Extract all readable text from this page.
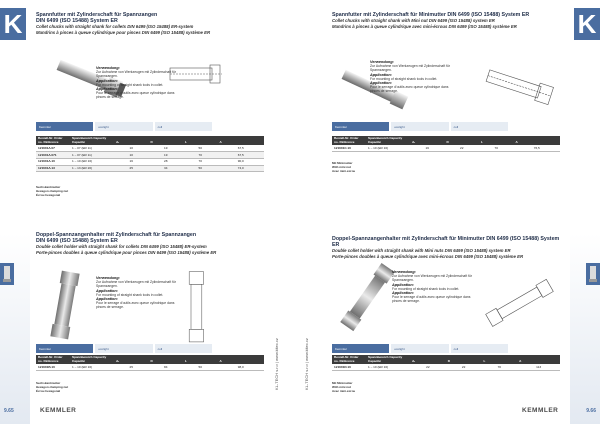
K	Spannfutter mit Zylinderschaft für Spannzangen
DIN 6499 (ISO 15488) System ER
Collet chucks with straight shank for collets DIN 6499 (ISO 15488) ER-system
Mandrins à pinces à queue cylindrique pour pinces DIN 6499 (ISO 15488) système ER
Verwendung:
Zur Aufnahme von Werkzeugen mit Zylinderschaft für Spannzangen.
Application:
For mounting of straight shank tools in collet.
Application:
Pour le serrage d'outils avec queue cylindrique dans pinces de serrage.
Kemmler	ecolight	coll
Bestell-Nr. Order no. Référence	Spannbereich Capacity Capacité	d₁	D	L	A
121601A.07	1 – 07 (ER 11)	10	19	50	67,5
121601A.071	1 – 07 (ER 11)	10	19	70	67,5
121601A.10	1 – 10 (ER 16)	16	28	70	90,0
121601A.13	1 – 13 (ER 20)	25	34	50	74,0
Sechskantmutter
Hexagon clamping nut
Écrou hexagonal
Doppel-Spannzangenhalter mit Zylinderschaft für Spannzangen
DIN 6499 (ISO 15488) System ER
Double collet holder with straight shank for collets DIN 6499 (ISO 15488) ER-system
Porte-pinces doubles à queue cylindrique pour pinces DIN 6499 (ISO 15488) système ER
Verwendung:
Zur Aufnahme von Werkzeugen mit Zylinderschaft für Spannzangen.
Application:
For mounting of straight shank tools in collet.
Application:
Pour le serrage d'outils avec queue cylindrique dans pinces de serrage.
Kemmler	ecolight	coll
Bestell-Nr. Order no. Référence	Spannbereich Capacity Capacité	d₁	D	L	A
121601B.10	1 – 10 (ER 16)	25	84	50	98,0
Sechskantmutter
Hexagon clamping nut
Écrou hexagonal
KL-TECH s.r.o | www.kltec.cz
9.65	KEMMLER
K
Spannfutter mit Zylinderschaft für Minimutter DIN 6499 (ISO 15488) System ER
Collet chucks with straight shank with Mini nut DIN 6499 (ISO 15488) system ER
Mandrins à pinces à queue cylindrique avec mini-écrous DIN 6499 (ISO 15488) système ER
Verwendung:
Zur Aufnahme von Werkzeugen mit Zylinderschaft für Spannzangen.
Application:
For mounting of straight shank tools in collet.
Application:
Pour le serrage d'outils avec queue cylindrique dans pinces de serrage.
Kemmler	ecolight	coll
Bestell-Nr. Order no. Référence	Spannbereich Capacity Capacité	d₁	D	L	A
121601C.10	1 – 10 (ER 16)	16	22	70	76,5
Mit Minimutter
With mini nut
Avec mini-écrou
Doppel-Spannzangenhalter mit Zylinderschaft für Minimutter DIN 6499 (ISO 15488) System ER
Double collet holder with straight shank with Mini nuts DIN 6499 (ISO 15488) system ER
Porte-pinces doubles à queue cylindrique avec mini-écrous DIN 6499 (ISO 15488) système ER
Verwendung:
Zur Aufnahme von Werkzeugen mit Zylinderschaft für Spannzangen.
Application:
For mounting of straight shank tools in collet.
Application:
Pour le serrage d'outils avec queue cylindrique dans pinces de serrage.
Kemmler	ecolight	coll
Bestell-Nr. Order no. Référence	Spannbereich Capacity Capacité	d₁	D	L	A
121601D.10	1 – 10 (ER 16)	22	22	70	113
Mit Minimutter
With mini nut
Avec mini-écrou
KL-TECH s.r.o | www.kltec.cz
9.66
KEMMLER
